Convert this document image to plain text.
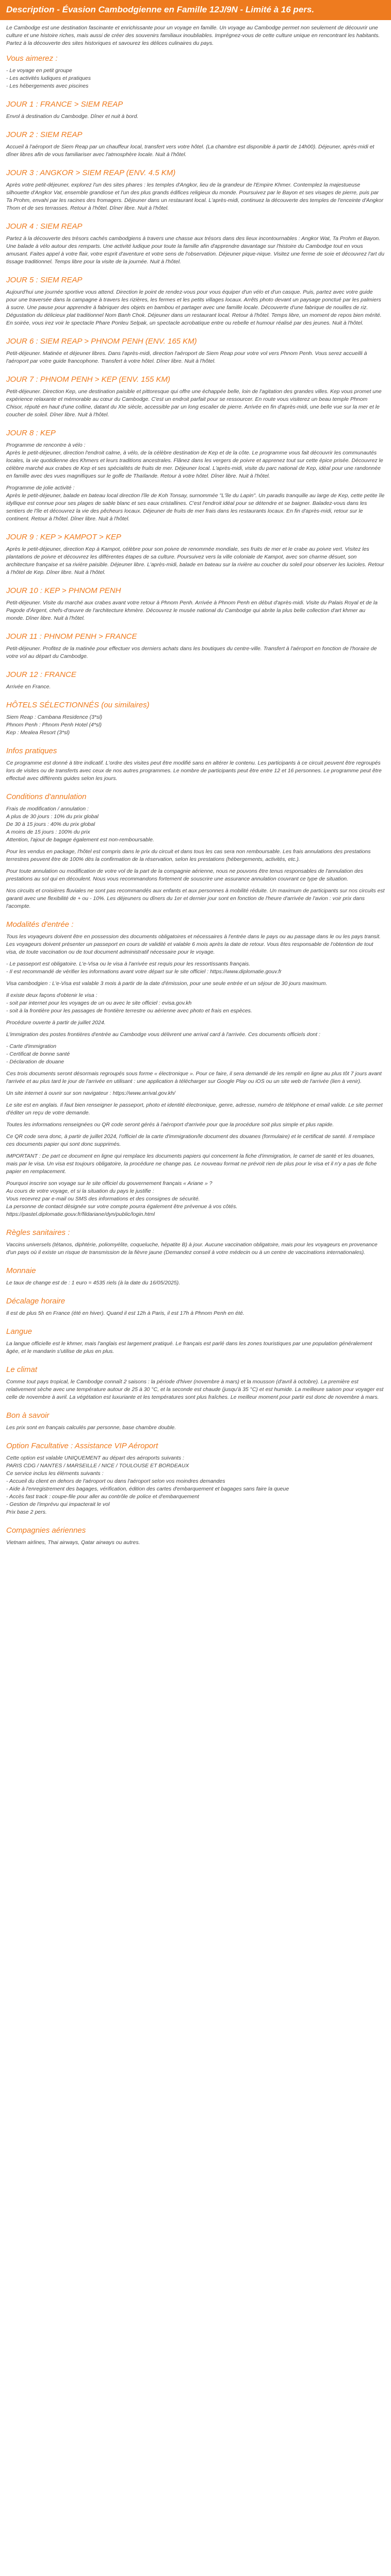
Description - Évasion Cambodgienne en Famille 12J/9N - Limité à 16 pers.

Le Cambodge est une destination fascinante et enrichissante pour un voyage en famille. Un voyage au Cambodge permet non seulement de découvrir une culture et une histoire riches, mais aussi de créer des souvenirs familiaux inoubliables. Imprégnez-vous de cette culture unique en rencontrant les habitants. Partez à la découverte des sites historiques et savourez les délices culinaires du pays.

Vous aimerez :

- Le voyage en petit groupe

- Les activités ludiques et pratiques

- Les hébergements avec piscines

JOUR 1 : FRANCE > SIEM REAP

Envol à destination du Cambodge. Dîner et nuit à bord.

JOUR 2 : SIEM REAP

Accueil à l'aéroport de Siem Reap par un chauffeur local, transfert vers votre hôtel. (La chambre est disponible à partir de 14h00). Déjeuner, après-midi et dîner libres afin de vous familiariser avec l'atmosphère locale. Nuit à l'hôtel.

JOUR 3 : ANGKOR > SIEM REAP (ENV. 4.5 KM)

Après votre petit-déjeuner, explorez l'un des sites phares : les temples d'Angkor, lieu de la grandeur de l'Empire Khmer. Contemplez la majestueuse silhouette d'Angkor Vat, ensemble grandiose et l'un des plus grands édifices religieux du monde. Poursuivez par le Bayon et ses visages de pierre, puis par Ta Prohm, envahi par les racines des fromagers. Déjeuner dans un restaurant local. L'après-midi, continuez la découverte des temples de l'enceinte d'Angkor Thom et de ses terrasses. Retour à l'hôtel. Dîner libre. Nuit à l'hôtel.

JOUR 4 : SIEM REAP

Partez à la découverte des trésors cachés cambodgiens à travers une chasse aux trésors dans des lieux incontournables : Angkor Wat, Ta Prohm et Bayon. Une balade à vélo autour des remparts. Une activité ludique pour toute la famille afin d'apprendre davantage sur l'histoire du Cambodge tout en vous amusant. Faites appel à votre flair, votre esprit d'aventure et votre sens de l'observation. Déjeuner pique-nique. Visitez une ferme de soie et découvrez l'art du tissage traditionnel. Temps libre pour la visite de la journée. Nuit à l'hôtel.

JOUR 5 : SIEM REAP

Aujourd'hui une journée sportive vous attend. Direction le point de rendez-vous pour vous équiper d'un vélo et d'un casque. Puis, partez avec votre guide pour une traversée dans la campagne à travers les rizières, les fermes et les petits villages locaux. Arrêts photo devant un paysage ponctué par les palmiers à sucre. Une pause pour apprendre à fabriquer des objets en bambou et partager avec une famille locale. Découverte d'une fabrique de nouilles de riz. Dégustation du délicieux plat traditionnel Nom Banh Chok. Déjeuner dans un restaurant local. Retour à l'hôtel. Temps libre, un moment de repos bien mérité. En soirée, vous irez voir le spectacle Phare Ponleu Selpak, un spectacle acrobatique entre ou rebelle et humour réalisé par des jeunes. Nuit à l'hôtel.

JOUR 6 : SIEM REAP > PHNOM PENH (ENV. 165 KM)

Petit-déjeuner. Matinée et déjeuner libres. Dans l'après-midi, direction l'aéroport de Siem Reap pour votre vol vers Phnom Penh. Vous serez accueilli à l'aéroport par votre guide francophone. Transfert à votre hôtel. Dîner libre. Nuit à l'hôtel.

JOUR 7 : PHNOM PENH > KEP (ENV. 155 KM)

Petit-déjeuner. Direction Kep, une destination paisible et pittoresque qui offre une échappée belle, loin de l'agitation des grandes villes. Kep vous promet une expérience relaxante et mémorable au cœur du Cambodge. C'est un endroit parfait pour se ressourcer. En route vous visiterez un beau temple Phnom Chisor, réputé en haut d'une colline, datant du XIe siècle, accessible par un long escalier de pierre. Arrivée en fin d'après-midi, une belle vue sur la mer et le coucher de soleil. Dîner libre. Nuit à l'hôtel.

JOUR 8 : KEP

Programme de rencontre à vélo :

Après le petit-déjeuner, direction l'endroit calme, à vélo, de la célèbre destination de Kep et de la côte. Le programme vous fait découvrir les communautés locales, la vie quotidienne des Khmers et leurs traditions ancestrales. Flânez dans les vergers de poivre et apprenez tout sur cette épice prisée. Découvrez le célèbre marché aux crabes de Kep et ses spécialités de fruits de mer. Déjeuner local. L'après-midi, visite du parc national de Kep, idéal pour une randonnée en famille avec des vues magnifiques sur le golfe de Thaïlande. Retour à votre hôtel. Dîner libre. Nuit à l'hôtel.

Programme de jolie activité :

Après le petit-déjeuner, balade en bateau local direction l'île de Koh Tonsay, surnommée "L'île du Lapin". Un paradis tranquille au large de Kep, cette petite île idyllique est connue pour ses plages de sable blanc et ses eaux cristallines. C'est l'endroit idéal pour se détendre et se baigner. Baladez-vous dans les sentiers de l'île et découvrez la vie des pêcheurs locaux. Déjeuner de fruits de mer frais dans les restaurants locaux. En fin d'après-midi, retour sur le continent. Retour à l'hôtel. Dîner libre. Nuit à l'hôtel.

JOUR 9 : KEP > KAMPOT > KEP

Après le petit-déjeuner, direction Kep à Kampot, célèbre pour son poivre de renommée mondiale, ses fruits de mer et le crabe au poivre vert. Visitez les plantations de poivre et découvrez les différentes étapes de sa culture. Poursuivez vers la ville coloniale de Kampot, avec son charme désuet, son architecture française et sa rivière paisible. Déjeuner libre. L'après-midi, balade en bateau sur la rivière au coucher du soleil pour observer les lucioles. Retour à l'hôtel de Kep. Dîner libre. Nuit à l'hôtel.

JOUR 10 : KEP > PHNOM PENH

Petit-déjeuner. Visite du marché aux crabes avant votre retour à Phnom Penh. Arrivée à Phnom Penh en début d'après-midi. Visite du Palais Royal et de la Pagode d'Argent, chefs-d'œuvre de l'architecture khmère. Découvrez le musée national du Cambodge qui abrite la plus belle collection d'art khmer au monde. Dîner libre. Nuit à l'hôtel.

JOUR 11 : PHNOM PENH > FRANCE

Petit-déjeuner. Profitez de la matinée pour effectuer vos derniers achats dans les boutiques du centre-ville. Transfert à l'aéroport en fonction de l'horaire de votre vol au départ du Cambodge.

JOUR 12 : FRANCE

Arrivée en France.

HÔTELS SÉLECTIONNÉS (ou similaires)

Siem Reap : Cambana Residence (3*sl)

Phnom Penh : Phnom Penh Hotel (4*sl)

Kep : Mealea Resort (3*sl)

Infos pratiques

Ce programme est donné à titre indicatif. L'ordre des visites peut être modifié sans en altérer le contenu. Les participants à ce circuit peuvent être regroupés lors de visites ou de transferts avec ceux de nos autres programmes. Le nombre de participants peut être entre 12 et 16 personnes. Le programme peut être effectué avec différents guides selon les jours.

Conditions d'annulation

Frais de modification / annulation :

A plus de 30 jours : 10% du prix global

De 30 à 15 jours : 40% du prix global

A moins de 15 jours : 100% du prix

Attention, l'ajout de bagage également est non-remboursable.

Pour les vendus en package, l'hôtel est compris dans le prix du circuit et dans tous les cas sera non remboursable. Les frais annulations des prestations terrestres peuvent être de 100% dès la confirmation de la réservation, selon les prestations (hébergements, activités, etc.).

Pour toute annulation ou modification de votre vol de la part de la compagnie aérienne, nous ne pouvons être tenus responsables de l'annulation des prestations au sol qui en découlent. Nous vous recommandons fortement de souscrire une assurance annulation couvrant ce type de situation.

Nos circuits et croisières fluviales ne sont pas recommandés aux enfants et aux personnes à mobilité réduite. Un maximum de participants sur nos circuits est garanti avec une flexibilité de + ou - 10%. Les déjeuners ou dîners du 1er et dernier jour sont en fonction de l'heure d'arrivée de l'avion : voir prix dans l'acompte.

Modalités d'entrée :

Tous les voyageurs doivent être en possession des documents obligatoires et nécessaires à l'entrée dans le pays ou au passage dans le ou les pays transit. Les voyageurs doivent présenter un passeport en cours de validité et valable 6 mois après la date de retour. Vous êtes responsable de l'obtention de tout visa, de toute vaccination ou de tout document administratif nécessaire pour le voyage.

- Le passeport est obligatoire. L'e-Visa ou le visa à l'arrivée est requis pour les ressortissants français.

- Il est recommandé de vérifier les informations avant votre départ sur le site officiel : https://www.diplomatie.gouv.fr

Visa cambodgien : L'e-Visa est valable 3 mois à partir de la date d'émission, pour une seule entrée et un séjour de 30 jours maximum.

Il existe deux façons d'obtenir le visa :

- soit par internet pour les voyages de un ou avec le site officiel : evisa.gov.kh

- soit à la frontière pour les passages de frontière terrestre ou aérienne avec photo et frais en espèces.

Procédure ouverte à partir de juillet 2024.

L'immigration des postes frontières d'entrée au Cambodge vous délivrent une arrival card à l'arrivée. Ces documents officiels dont :

- Carte d'immigration

- Certificat de bonne santé

- Déclaration de douane

Ces trois documents seront désormais regroupés sous forme « électronique ». Pour ce faire, il sera demandé de les remplir en ligne au plus tôt 7 jours avant l'arrivée et au plus tard le jour de l'arrivée en utilisant : une application à télécharger sur Google Play ou iOS ou un site web de l'arrivée (lien à venir).

Un site internet à ouvrir sur son navigateur : https://www.arrival.gov.kh/

Le site est en anglais. Il faut bien renseigner le passeport, photo et identité électronique, genre, adresse, numéro de téléphone et email valide. Le site permet d'éditer un reçu de votre demande.

Toutes les informations renseignées ou QR code seront gérés à l'aéroport d'arrivée pour que la procédure soit plus simple et plus rapide.

Ce QR code sera donc, à partir de juillet 2024, l'officiel de la carte d'immigration/le document des douanes (formulaire) et le certificat de santé. Il remplace ces documents papier qui sont donc supprimés.

IMPORTANT : De part ce document en ligne qui remplace les documents papiers qui concernent la fiche d'immigration, le carnet de santé et les douanes, mais par le visa. Un visa est toujours obligatoire, la procédure ne change pas. Le nouveau format ne prévoit rien de plus pour le visa et il n'y a pas de fiche papier en remplacement.

Pourquoi inscrire son voyage sur le site officiel du gouvernement français « Ariane » ?

Au cours de votre voyage, et si la situation du pays le justifie :

Vous recevrez par e-mail ou SMS des informations et des consignes de sécurité.

La personne de contact désignée sur votre compte pourra également être prévenue à vos côtés.

https://pastel.diplomatie.gouv.fr/fildariane/dyn/public/login.html

Règles sanitaires :

Vaccins universels (tétanos, diphtérie, poliomyélite, coqueluche, hépatite B) à jour. Aucune vaccination obligatoire, mais pour les voyageurs en provenance d'un pays où il existe un risque de transmission de la fièvre jaune (Demandez conseil à votre médecin ou à un centre de vaccinations internationales).

Monnaie

Le taux de change est de : 1 euro = 4535 riels (à la date du 16/05/2025).

Décalage horaire

Il est de plus 5h en France (été en hiver). Quand il est 12h à Paris, il est 17h à Phnom Penh en été.

Langue

La langue officielle est le khmer, mais l'anglais est largement pratiqué. Le français est parlé dans les zones touristiques par une population généralement âgée, et le mandarin s'utilise de plus en plus.

Le climat

Comme tout pays tropical, le Cambodge connaît 2 saisons : la période d'hiver (novembre à mars) et la mousson (d'avril à octobre). La première est relativement sèche avec une température autour de 25 à 30 °C, et la seconde est chaude (jusqu'à 35 °C) et est humide. La meilleure saison pour voyager est celle de novembre à avril. La végétation est luxuriante et les températures sont plus fraîches. Le meilleur moment pour partir est donc de novembre à mars.

Bon à savoir

Les prix sont en français calculés par personne, base chambre double.

Option Facultative : Assistance VIP Aéroport

Cette option est valable UNIQUEMENT au départ des aéroports suivants :

PARIS CDG / NANTES / MARSEILLE / NICE / TOULOUSE ET BORDEAUX

Ce service inclus les éléments suivants :

- Accueil du client en dehors de l'aéroport ou dans l'aéroport selon vos moindres demandes

- Aide à l'enregistrement des bagages, vérification, édition des cartes d'embarquement et bagages sans faire la queue

- Accès fast track : coupe-file pour aller au contrôle de police et d'embarquement

- Gestion de l'imprévu qui impacterait le vol

Prix base 2 pers.

Compagnies aériennes

Vietnam airlines, Thai airways, Qatar airways ou autres.
